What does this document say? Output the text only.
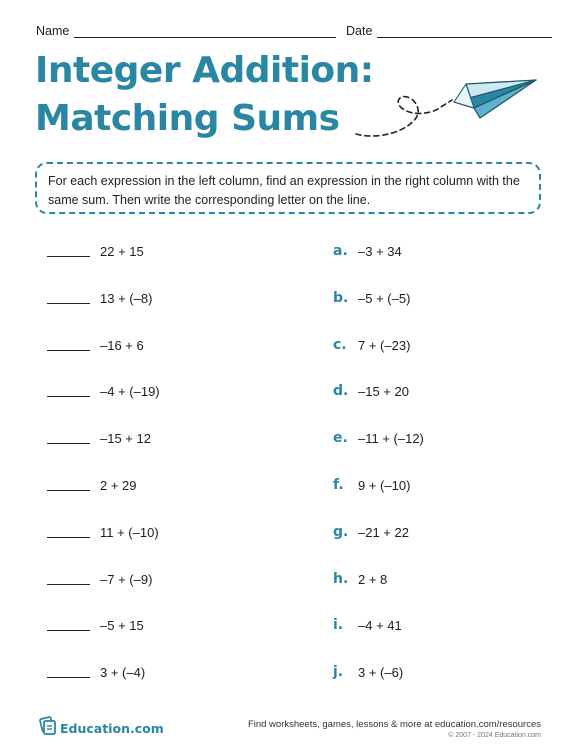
Name	Date
Integer Addition:
Matching Sums
For each expression in the left column, find an expression in the right column with the same sum. Then write the corresponding letter on the line.
22 + 15
13 + (–8)
–16 + 6
–4 + (–19)
–15 + 12
2 + 29
11 + (–10)
–7 + (–9)
–5 + 15
3 + (–4)
a. –3 + 34
b. –5 + (–5)
c. 7 + (–23)
d. –15 + 20
e. –11 + (–12)
f. 9 + (–10)
g. –21 + 22
h. 2 + 8
i. –4 + 41
j. 3 + (–6)
Education.com	Find worksheets, games, lessons & more at education.com/resources
© 2007 - 2024 Education.com
